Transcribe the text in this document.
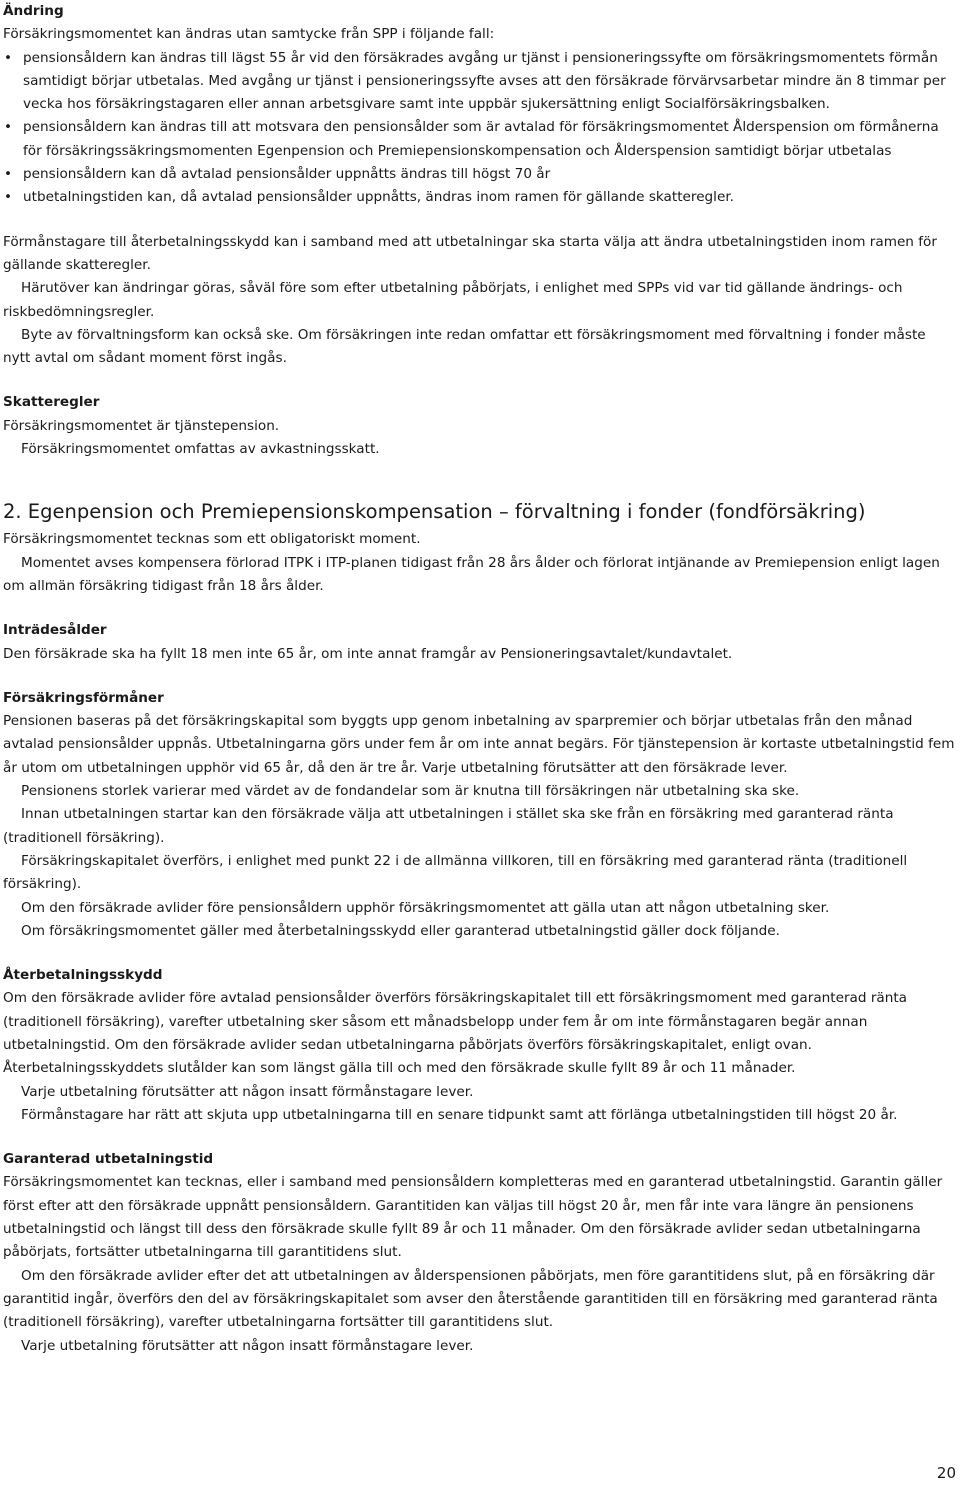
Ändring

Försäkringsmomentet kan ändras utan samtycke från SPP i följande fall:

• pensionsåldern kan ändras till lägst 55 år vid den försäkrades avgång ur tjänst i pensioneringssyfte om försäkringsmomentets förmån samtidigt börjar utbetalas. Med avgång ur tjänst i pensioneringssyfte avses att den försäkrade förvärvsarbetar mindre än 8 timmar per vecka hos försäkringstagaren eller annan arbetsgivare samt inte uppbär sjukersättning enligt Socialförsäkringsbalken.
• pensionsåldern kan ändras till att motsvara den pensionsålder som är avtalad för försäkringsmomentet Ålderspension om förmånerna för försäkringssäkringsmomenten Egenpension och Premiepensionskompensation och Ålderspension samtidigt börjar utbetalas
• pensionsåldern kan då avtalad pensionsålder uppnåtts ändras till högst 70 år
• utbetalningstiden kan, då avtalad pensionsålder uppnåtts, ändras inom ramen för gällande skatteregler.

Förmånstagare till återbetalningsskydd kan i samband med att utbetalningar ska starta välja att ändra utbetalningstiden inom ramen för gällande skatteregler.

Härutöver kan ändringar göras, såväl före som efter utbetalning påbörjats, i enlighet med SPPs vid var tid gällande ändrings- och riskbedömningsregler.

Byte av förvaltningsform kan också ske. Om försäkringen inte redan omfattar ett försäkringsmoment med förvaltning i fonder måste nytt avtal om sådant moment först ingås.

Skatteregler

Försäkringsmomentet är tjänstepension.

Försäkringsmomentet omfattas av avkastningsskatt.

2. Egenpension och Premiepensionskompensation – förvaltning i fonder (fondförsäkring)

Försäkringsmomentet tecknas som ett obligatoriskt moment.

Momentet avses kompensera förlorad ITPK i ITP-planen tidigast från 28 års ålder och förlorat intjänande av Premiepension enligt lagen om allmän försäkring tidigast från 18 års ålder.

Inträdesålder

Den försäkrade ska ha fyllt 18 men inte 65 år, om inte annat framgår av Pensioneringsavtalet/kundavtalet.

Försäkringsförmåner

Pensionen baseras på det försäkringskapital som byggts upp genom inbetalning av sparpremier och börjar utbetalas från den månad avtalad pensionsålder uppnås. Utbetalningarna görs under fem år om inte annat begärs. För tjänstepension är kortaste utbetalningstid fem år utom om utbetalningen upphör vid 65 år, då den är tre år. Varje utbetalning förutsätter att den försäkrade lever.

Pensionens storlek varierar med värdet av de fondandelar som är knutna till försäkringen när utbetalning ska ske.

Innan utbetalningen startar kan den försäkrade välja att utbetalningen i stället ska ske från en försäkring med garanterad ränta (traditionell försäkring).

Försäkringskapitalet överförs, i enlighet med punkt 22 i de allmänna villkoren, till en försäkring med garanterad ränta (traditionell försäkring).

Om den försäkrade avlider före pensionsåldern upphör försäkringsmomentet att gälla utan att någon utbetalning sker.

Om försäkringsmomentet gäller med återbetalningsskydd eller garanterad utbetalningstid gäller dock följande.

Återbetalningsskydd

Om den försäkrade avlider före avtalad pensionsålder överförs försäkringskapitalet till ett försäkringsmoment med garanterad ränta (traditionell försäkring), varefter utbetalning sker såsom ett månadsbelopp under fem år om inte förmånstagaren begär annan utbetalningstid. Om den försäkrade avlider sedan utbetalningarna påbörjats överförs försäkringskapitalet, enligt ovan. Återbetalningsskyddets slutålder kan som längst gälla till och med den försäkrade skulle fyllt 89 år och 11 månader.

Varje utbetalning förutsätter att någon insatt förmånstagare lever.

Förmånstagare har rätt att skjuta upp utbetalningarna till en senare tidpunkt samt att förlänga utbetalningstiden till högst 20 år.

Garanterad utbetalningstid

Försäkringsmomentet kan tecknas, eller i samband med pensionsåldern kompletteras med en garanterad utbetalningstid. Garantin gäller först efter att den försäkrade uppnått pensionsåldern. Garantitiden kan väljas till högst 20 år, men får inte vara längre än pensionens utbetalningstid och längst till dess den försäkrade skulle fyllt 89 år och 11 månader. Om den försäkrade avlider sedan utbetalningarna påbörjats, fortsätter utbetalningarna till garantitidens slut.

Om den försäkrade avlider efter det att utbetalningen av ålderspensionen påbörjats, men före garantitidens slut, på en försäkring där garantitid ingår, överförs den del av försäkringskapitalet som avser den återstående garantitiden till en försäkring med garanterad ränta (traditionell försäkring), varefter utbetalningarna fortsätter till garantitidens slut.

Varje utbetalning förutsätter att någon insatt förmånstagare lever.

20
